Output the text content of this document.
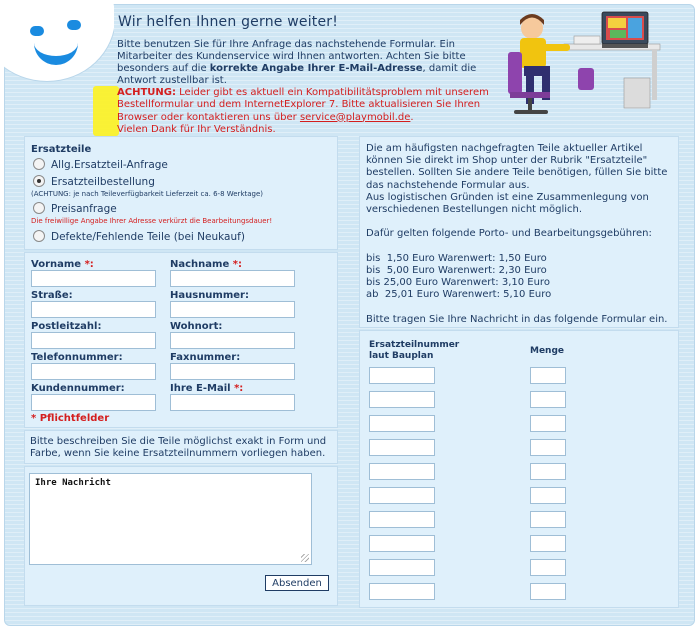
Wir helfen Ihnen gerne weiter!
Bitte benutzen Sie für Ihre Anfrage das nachstehende Formular. Ein Mitarbeiter des Kundenservice wird Ihnen antworten. Achten Sie bitte besonders auf die korrekte Angabe Ihrer E-Mail-Adresse, damit die Antwort zustellbar ist.
ACHTUNG: Leider gibt es aktuell ein Kompatibilitätsproblem mit unserem Bestellformular und dem InternetExplorer 7. Bitte aktualisieren Sie Ihren Browser oder kontaktieren uns über service@playmobil.de.
Vielen Dank für Ihr Verständnis.
Ersatzteile
Allg.Ersatzteil-Anfrage
Ersatzteilbestellung
(ACHTUNG: je nach Teileverfügbarkeit Lieferzeit ca. 6-8 Werktage)
Preisanfrage
Die freiwillige Angabe Ihrer Adresse verkürzt die Bearbeitungsdauer!
Defekte/Fehlende Teile (bei Neukauf)
Vorname *:	Nachname *:
Straße:	Hausnummer:
Postleitzahl:	Wohnort:
Telefonnummer:	Faxnummer:
Kundennummer:	Ihre E-Mail *:
* Pflichtfelder
Bitte beschreiben Sie die Teile möglichst exakt in Form und Farbe, wenn Sie keine Ersatzteilnummern vorliegen haben.
Ihre Nachricht
Absenden

Die am häufigsten nachgefragten Teile aktueller Artikel können Sie direkt im Shop unter der Rubrik "Ersatzteile" bestellen. Sollten Sie andere Teile benötigen, füllen Sie bitte das nachstehende Formular aus.

Aus logistischen Gründen ist eine Zusammenlegung von verschiedenen Bestellungen nicht möglich.

Dafür gelten folgende Porto- und Bearbeitungsgebühren:

bis  1,50 Euro Warenwert: 1,50 Euro

bis  5,00 Euro Warenwert: 2,30 Euro

bis 25,00 Euro Warenwert: 3,10 Euro

ab  25,01 Euro Warenwert: 5,10 Euro

Bitte tragen Sie Ihre Nachricht in das folgende Formular ein.

Ersatzteilnummer
laut Bauplan	Menge
